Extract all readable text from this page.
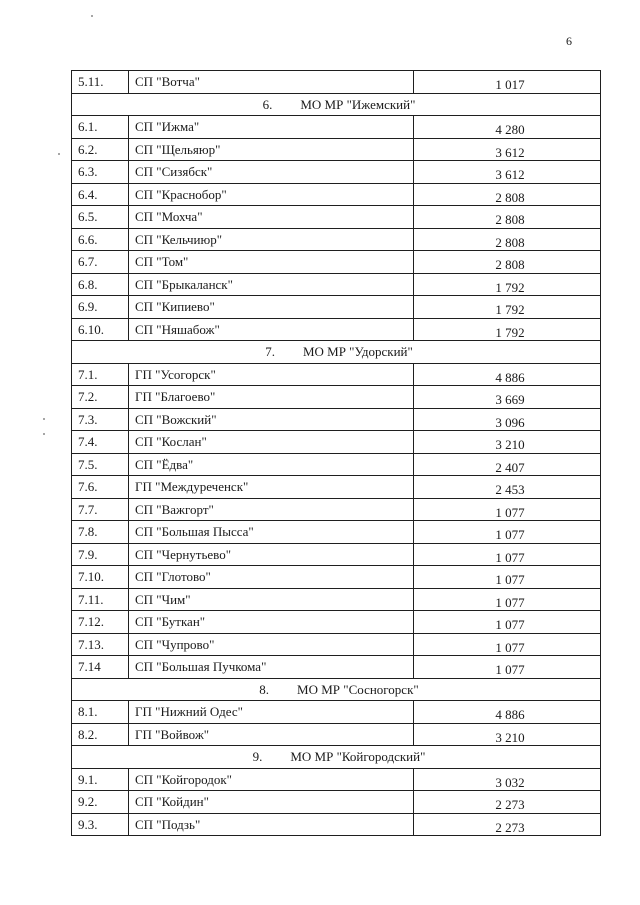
6
5.11.	СП "Вотча"	1 017
6. МО МР "Ижемский"		
6.1.	СП "Ижма"	4 280
6.2.	СП "Щельяюр"	3 612
6.3.	СП "Сизябск"	3 612
6.4.	СП "Краснобор"	2 808
6.5.	СП "Мохча"	2 808
6.6.	СП "Кельчиюр"	2 808
6.7.	СП "Том"	2 808
6.8.	СП "Брыкаланск"	1 792
6.9.	СП "Кипиево"	1 792
6.10.	СП "Няшабож"	1 792
7. МО МР "Удорский"		
7.1.	ГП "Усогорск"	4 886
7.2.	ГП "Благоево"	3 669
7.3.	СП "Вожский"	3 096
7.4.	СП "Кослан"	3 210
7.5.	СП "Ёдва"	2 407
7.6.	ГП "Междуреченск"	2 453
7.7.	СП "Важгорт"	1 077
7.8.	СП "Большая Пысса"	1 077
7.9.	СП "Чернутьево"	1 077
7.10.	СП "Глотово"	1 077
7.11.	СП "Чим"	1 077
7.12.	СП "Буткан"	1 077
7.13.	СП "Чупрово"	1 077
7.14	СП "Большая Пучкома"	1 077
8. МО МР "Сосногорск"		
8.1.	ГП "Нижний Одес"	4 886
8.2.	ГП "Войвож"	3 210
9. МО МР "Койгородский"		
9.1.	СП "Койгородок"	3 032
9.2.	СП "Койдин"	2 273
9.3.	СП "Подзь"	2 273
